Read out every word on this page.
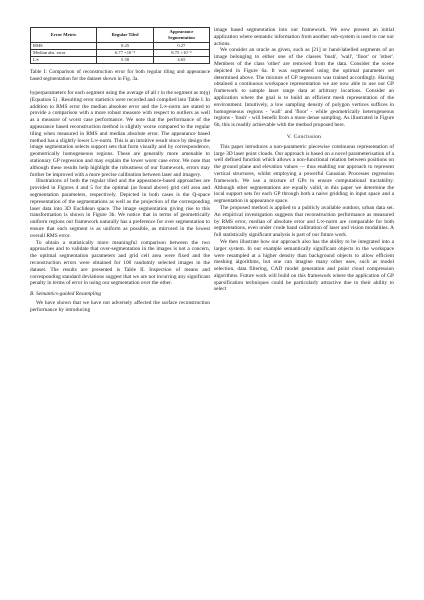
Error Metric	Regular Tiled	Appearance
Segmentation
RMS	0.25	0.27
Median abs. error	6.77 ×10⁻³	8.75 ×10⁻³
L∞	5.58	4.65
Table I: Comparison of reconstruction error for both regular tiling and appearance based segmentation for the dataset shown in Fig. 3a.

hyperparameters for each segment using the average of all r in the segment as m(q) (Equation 5) . Resulting error statistics were recorded and compiled into Table I. In addition to RMS error the median absolute error and the L∞-norm are stated to provide a comparison with a more robust measure with respect to outliers as well as a measure of worst case performance. We note that the performance of the appearance based reconstruction method is slightly worse compared to the regular tiling when measured in RMS and median absolute error. The appearance based method has a slightly lower L∞-norm. This is an intuitive result since by design the image segmentation selects support sets that form visually and by correspondence, geometrically homogeneous regions. These are generally more amenable to stationary GP regression and may explain the lower worst case error. We note that although these results help highlight the robustness of our framework, errors may further be improved with a more precise calibration between laser and imagery.

Illustrations of both the regular tiled and the appearance-based approaches are provided in Figures 4 and 5 for the optimal (as found above) grid cell area and segmentation parameters, respectively. Depicted in both cases is the Q-space representation of the segmentations as well as the projection of the corresponding laser data into 3D Euclidean space. The image segmentation giving rise to this transformation is shown in Figure 3b. We notice that in terms of geometrically uniform regions our framework naturally has a preference for over segmentation to ensure that each segment is as uniform as possible, as mirrored in the lowest overall RMS error.

To obtain a statistically more meaningful comparison between the two approaches and to validate that over-segmentation in the images is not a concern, the optimal segmentation parameters and grid cell area were fixed and the reconstruction errors were obtained for 100 randomly selected images in the dataset. The results are presented is Table II. Inspection of means and corresponding standard deviations suggest that we are not incurring any significant penalty in terms of error in using our segmentation over the other.

B. Semantics-guided Resampling

We have shown that we have not adversely affected the surface reconstruction performance by introducing

image based segmentation into our framework. We now present an initial application where semantic information from another sub-system is used to cue our actions.

We consider an oracle as given, such as [21] or hand-labelled segments of an image belonging to either one of the classes 'bush', 'wall', 'floor' or 'other'. Members of the class 'other' are removed from the data. Consider the scene depicted in Figure 6a. It was segmented using the optimal parameter set determined above. The mixture of GP regressors was trained accordingly. Having obtained a continuous workspace representation we are now able to use our GP framework to sample laser range data at arbitrary locations. Consider an application where the goal is to build an efficient mesh representation of the environment. Intuitively, a low sampling density of polygon vertices suffices in homogeneous regions - 'wall' and 'floor' - while geometrically heterogeneous regions - 'bush' - will benefit from a more dense sampling. As illustrated in Figure 6b, this is readily achievable with the method proposed here.

V. Conclusion

This paper introduces a non-parametric piecewise continuous representation of large 3D laser point clouds. Our approach is based on a novel parameterisation of a well defined function which allows a non-functional relation between positions on the ground plane and elevation values — thus enabling our approach to represent vertical structures, whilst employing a powerful Gaussian Processes regression framework. We use a mixture of GPs to ensure computational tractability. Although other segmentations are equally valid, in this paper we determine the local support sets for each GP through both a naive gridding in input space and a segmentation in appearance space.

The proposed method is applied to a publicly available outdoor, urban data set. An empirical investigation suggests that reconstruction performance as measured by RMS error, median of absolute error and L∞-norm are comparable for both segmentations, even under crude hand calibration of laser and vision modalities. A full statistically significant analysis is part of our future work.

We then illustrate how our approach also has the ability to be integrated into a larger system. In our example semantically significant objects in the workspace were resampled at a higher density than background objects to allow efficient meshing algorithms, but one can imagine many other uses, such as model selection, data filtering, CAD model generation and point cloud compression algorithms. Future work will build on this framework where the application of GP sparsification techniques could be particularly attractive due to their ability to select
